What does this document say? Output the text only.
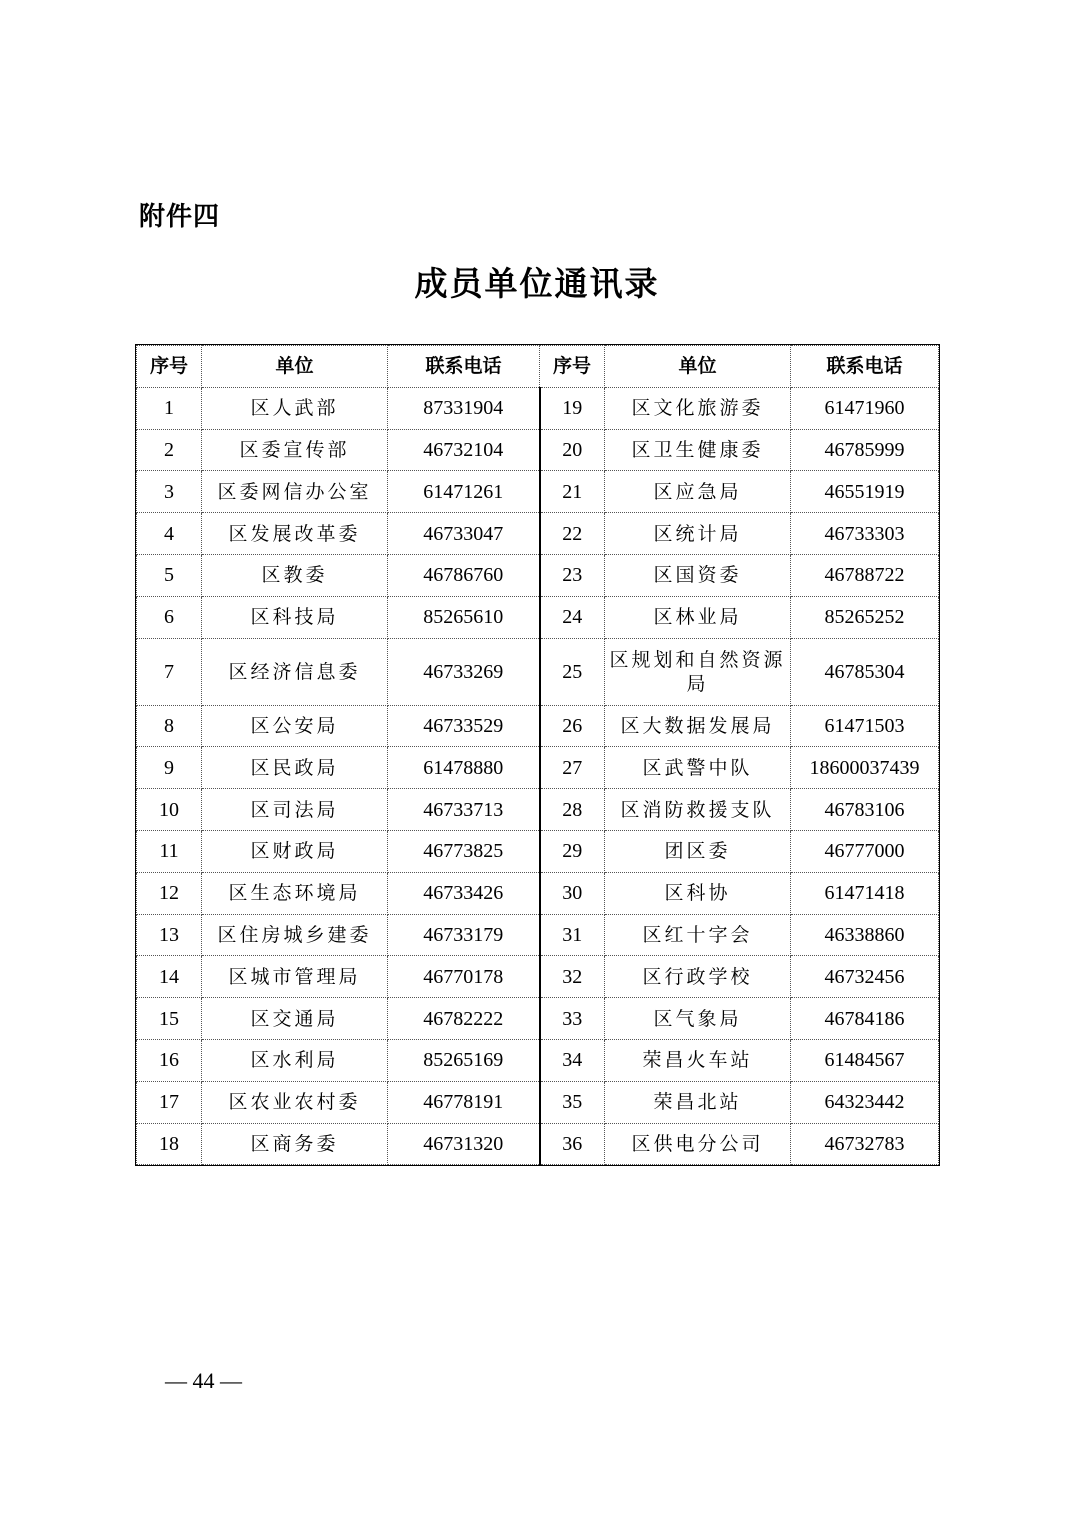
附件四
成员单位通讯录
序号	单位	联系电话	序号	单位	联系电话
1	区人武部	87331904	19	区文化旅游委	61471960
2	区委宣传部	46732104	20	区卫生健康委	46785999
3	区委网信办公室	61471261	21	区应急局	46551919
4	区发展改革委	46733047	22	区统计局	46733303
5	区教委	46786760	23	区国资委	46788722
6	区科技局	85265610	24	区林业局	85265252
7	区经济信息委	46733269	25	区规划和自然资源局	46785304
8	区公安局	46733529	26	区大数据发展局	61471503
9	区民政局	61478880	27	区武警中队	18600037439
10	区司法局	46733713	28	区消防救援支队	46783106
11	区财政局	46773825	29	团区委	46777000
12	区生态环境局	46733426	30	区科协	61471418
13	区住房城乡建委	46733179	31	区红十字会	46338860
14	区城市管理局	46770178	32	区行政学校	46732456
15	区交通局	46782222	33	区气象局	46784186
16	区水利局	85265169	34	荣昌火车站	61484567
17	区农业农村委	46778191	35	荣昌北站	64323442
18	区商务委	46731320	36	区供电分公司	46732783
— 44 —
